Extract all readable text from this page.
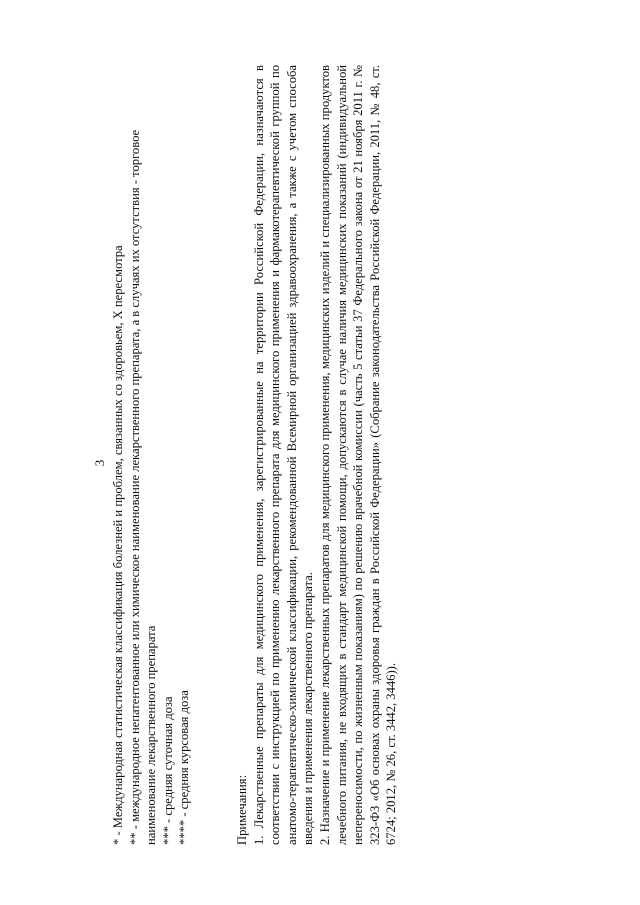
3 * - Международная статистическая классификация болезней и проблем, связанных со здоровьем, X пересмотра ** - международное непатентованное или химическое наименование лекарственного препарата, а в случаях их отсутствия - торговое наименование лекарственного препарата *** - средняя суточная доза **** - средняя курсовая доза	Примечания: 1. Лекарственные препараты для медицинского применения, зарегистрированные на территории Российской Федерации, назначаются в соответствии с инструкцией по применению лекарственного препарата для медицинского применения и фармакотерапевтической группой по анатомо-терапевтическо-химической классификации, рекомендованной Всемирной организацией здравоохранения, а также с учетом способа введения и применения лекарственного препарата. 2. Назначение и применение лекарственных препаратов для медицинского применения, медицинских изделий и специализированных продуктов лечебного питания, не входящих в стандарт медицинской помощи, допускаются в случае наличия медицинских показаний (индивидуальной непереносимости, по жизненным показаниям) по решению врачебной комиссии (часть 5 статьи 37 Федерального закона от 21 ноября 2011 г. № 323-ФЗ «Об основах охраны здоровья граждан в Российской Федерации» (Собрание законодательства Российской Федерации, 2011, № 48, ст. 6724; 2012, № 26, ст. 3442, 3446)).
